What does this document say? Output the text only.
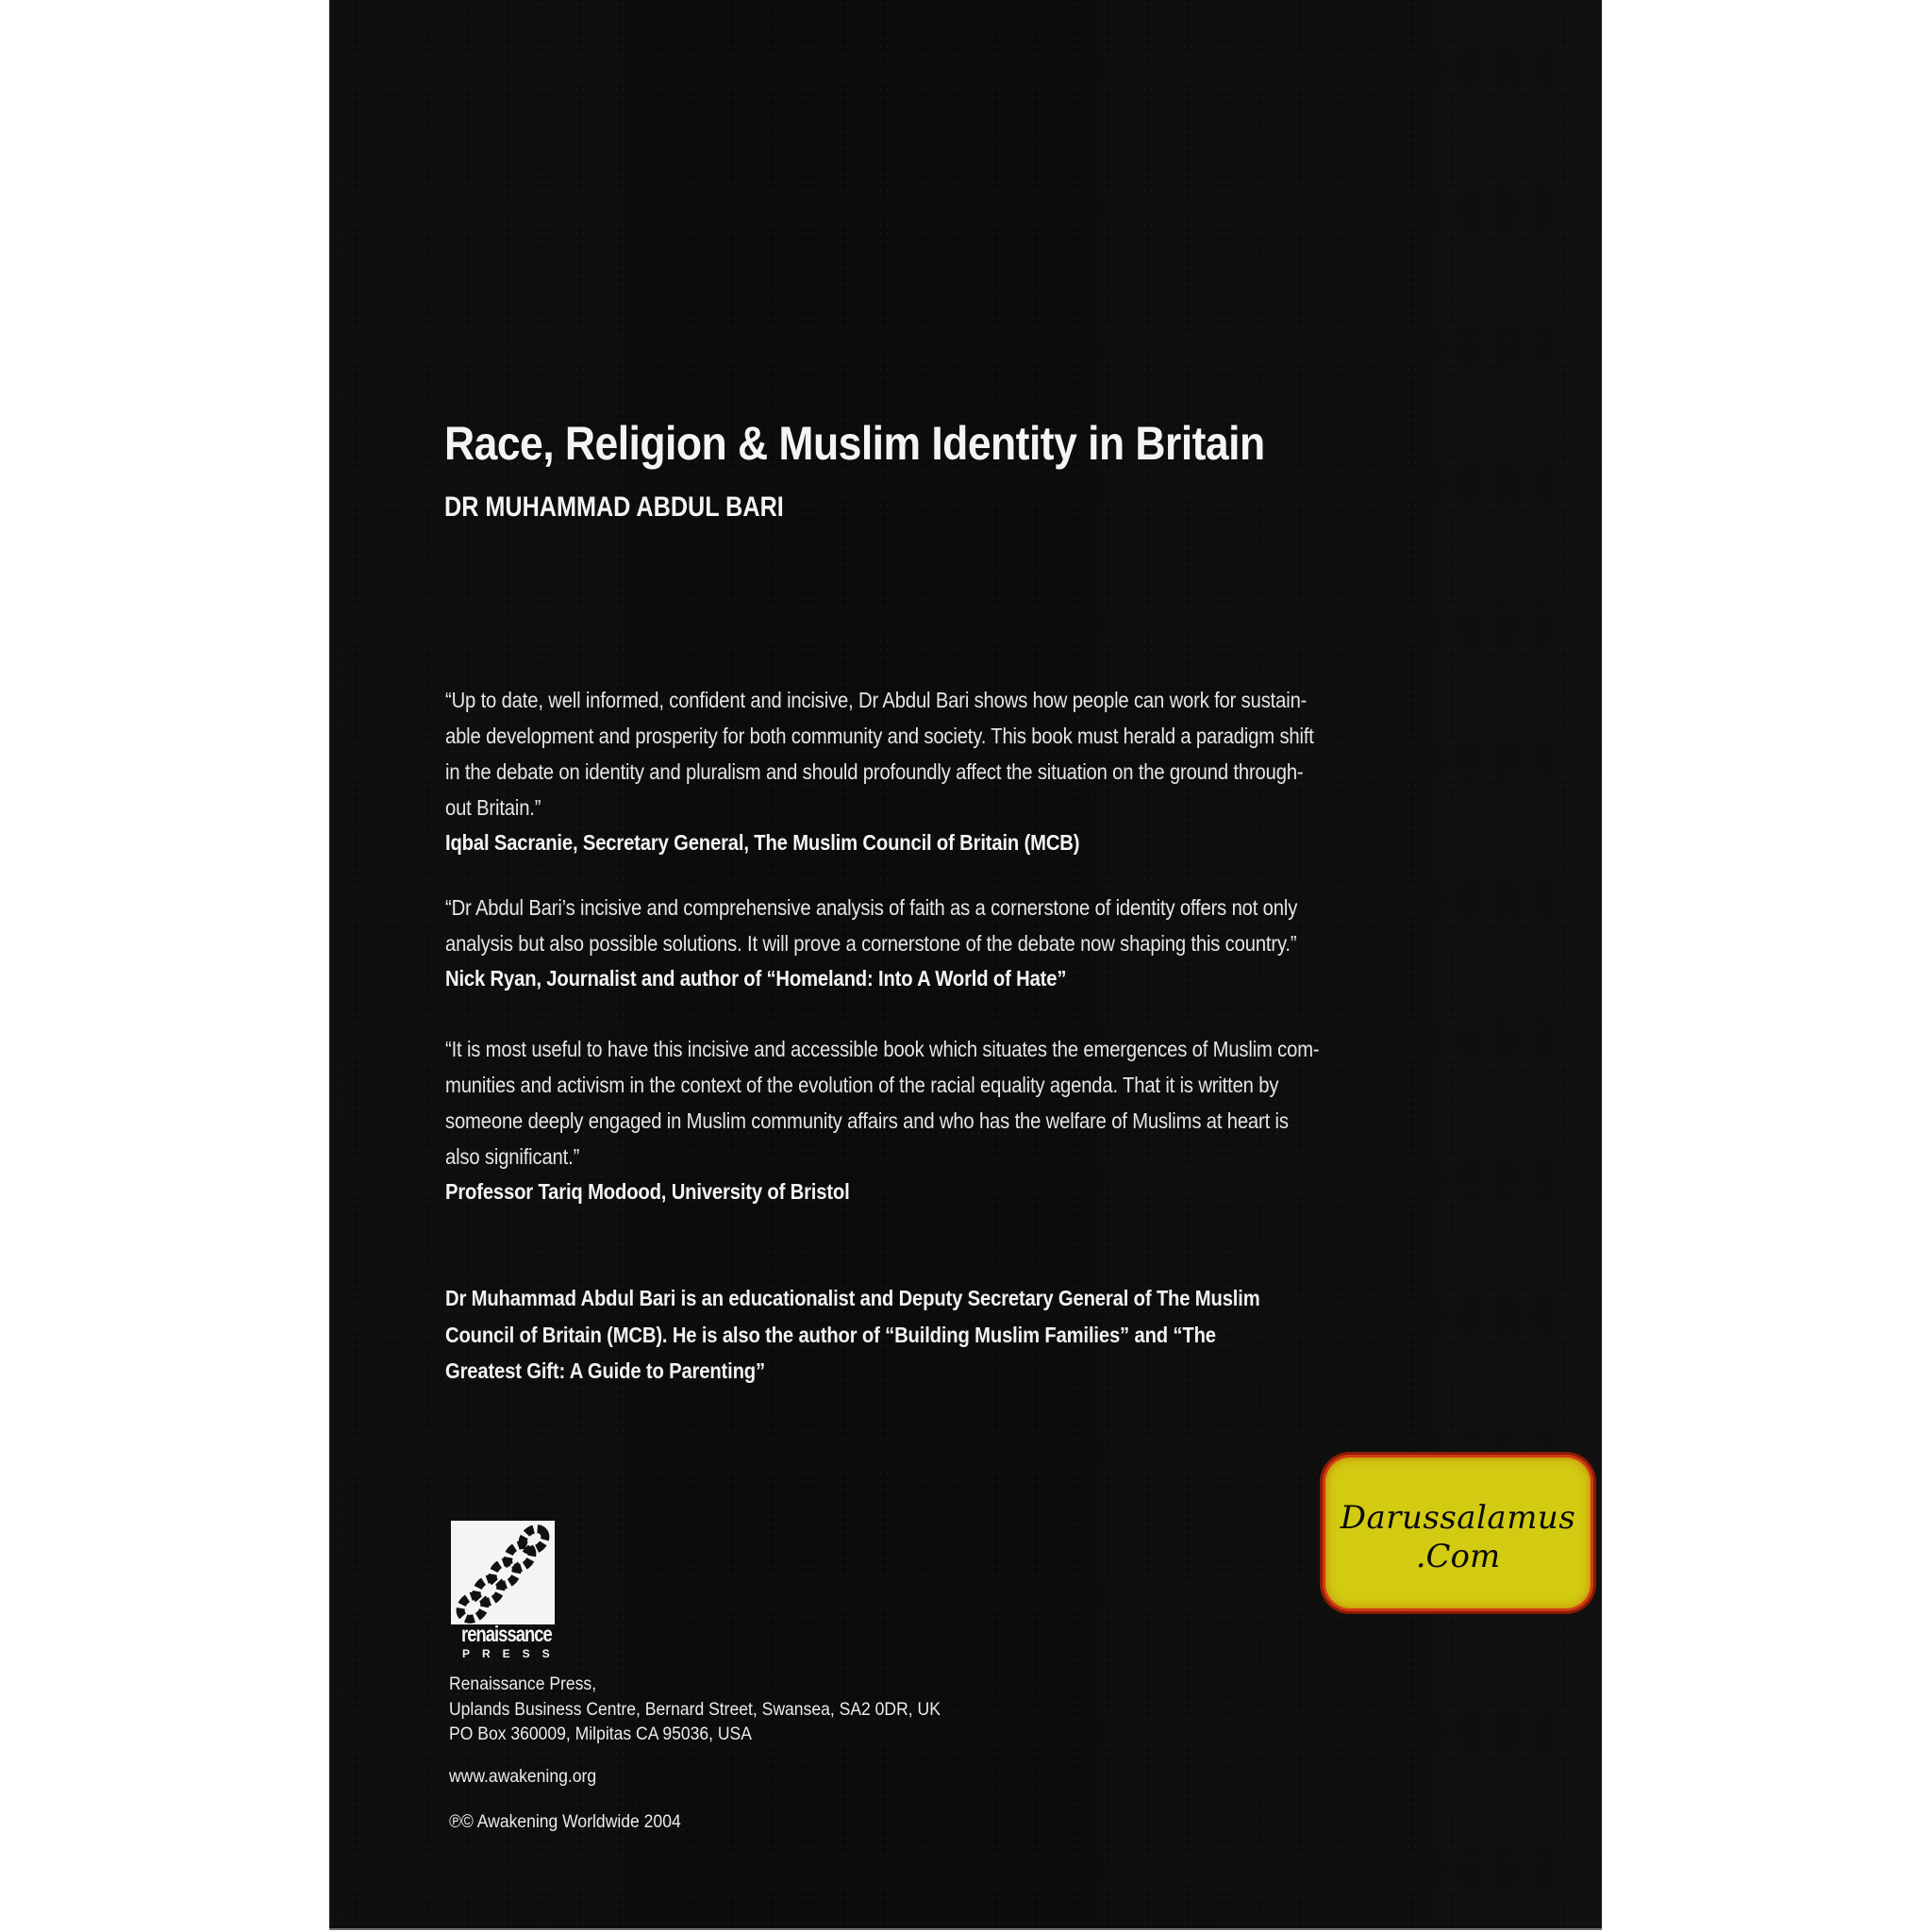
Race, Religion & Muslim Identity in Britain
DR MUHAMMAD ABDUL BARI
“Up to date, well informed, confident and incisive, Dr Abdul Bari shows how people can work for sustain-
able development and prosperity for both community and society. This book must herald a paradigm shift
in the debate on identity and pluralism and should profoundly affect the situation on the ground through-
out Britain.”
Iqbal Sacranie, Secretary General, The Muslim Council of Britain (MCB)
“Dr Abdul Bari’s incisive and comprehensive analysis of faith as a cornerstone of identity offers not only
analysis but also possible solutions. It will prove a cornerstone of the debate now shaping this country.”
Nick Ryan, Journalist and author of “Homeland: Into A World of Hate”
“It is most useful to have this incisive and accessible book which situates the emergences of Muslim com-
munities and activism in the context of the evolution of the racial equality agenda. That it is written by
someone deeply engaged in Muslim community affairs and who has the welfare of Muslims at heart is
also significant.”
Professor Tariq Modood, University of Bristol
Dr Muhammad Abdul Bari is an educationalist and Deputy Secretary General of The Muslim
Council of Britain (MCB). He is also the author of “Building Muslim Families” and “The
Greatest Gift: A Guide to Parenting”
renaissance
PRESS
Renaissance Press,
Uplands Business Centre, Bernard Street, Swansea, SA2 0DR, UK
PO Box 360009, Milpitas CA 95036, USA
www.awakening.org
℗© Awakening Worldwide 2004
Darussalamus
.Com
